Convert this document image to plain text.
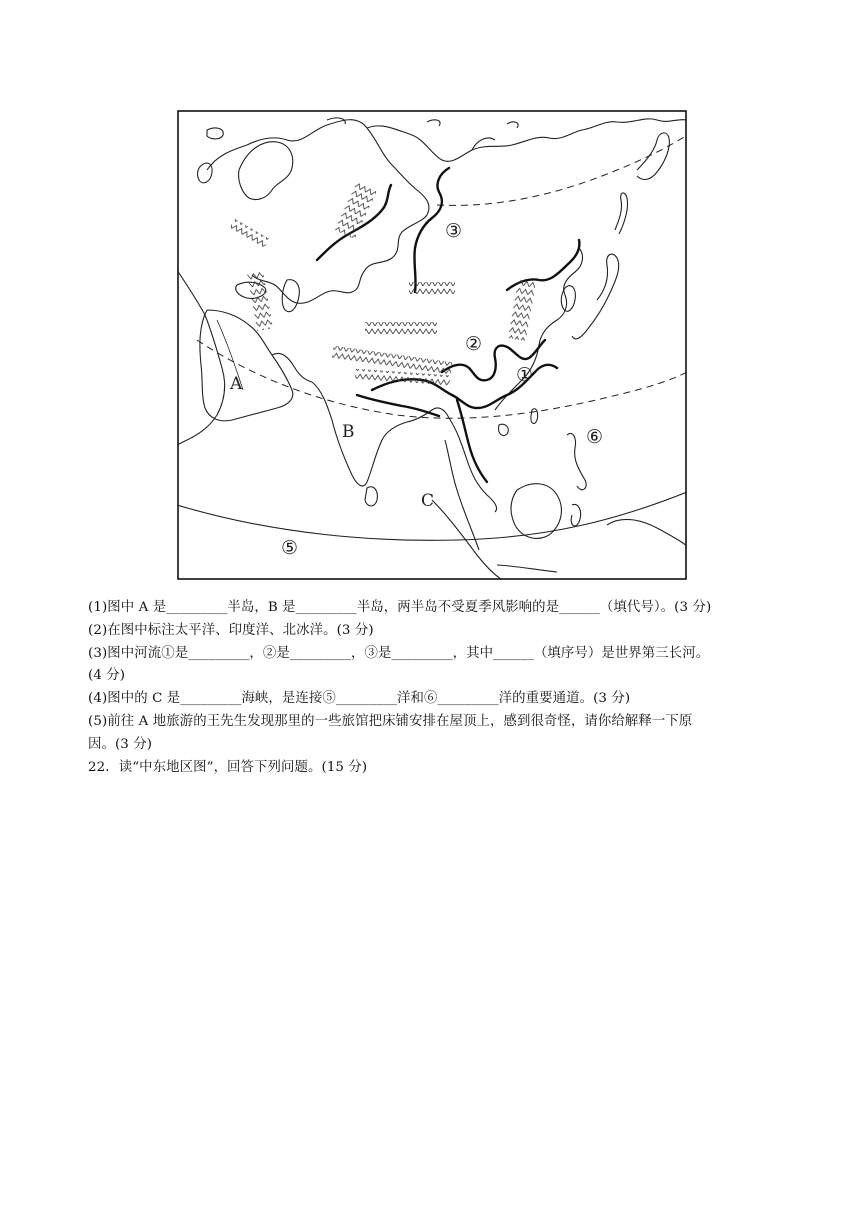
A
B
C
①
②
③
⑤
⑥
(1)图中 A 是_________半岛，B 是_________半岛，两半岛不受夏季风影响的是______（填代号）。(3 分)
(2)在图中标注太平洋、印度洋、北冰洋。(3 分)
(3)图中河流①是_________，②是_________，③是_________，其中______（填序号）是世界第三长河。
(4 分)
(4)图中的 C 是_________海峡，是连接⑤_________洋和⑥_________洋的重要通道。(3 分)
(5)前往 A 地旅游的王先生发现那里的一些旅馆把床铺安排在屋顶上，感到很奇怪，请你给解释一下原
因。(3 分)
22．读“中东地区图”，回答下列问题。(15 分)
